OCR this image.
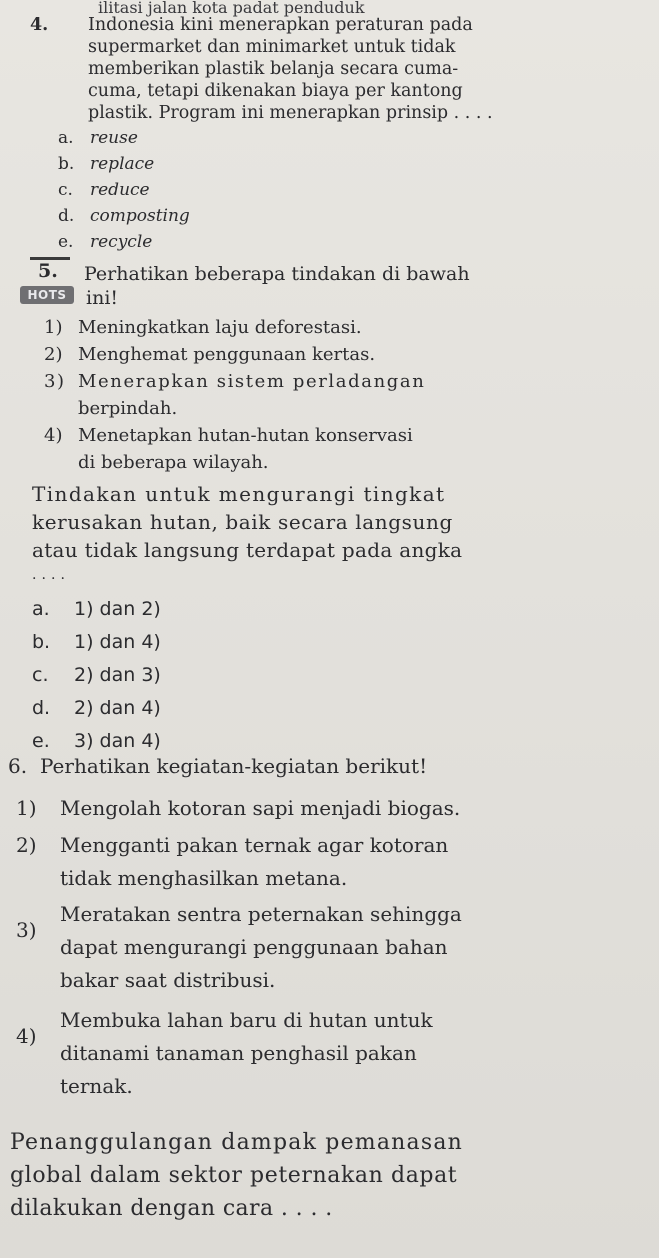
ilitasi jalan kota padat penduduk
4. Indonesia kini menerapkan peraturan pada
supermarket dan minimarket untuk tidak
memberikan plastik belanja secara cuma-
cuma, tetapi dikenakan biaya per kantong
plastik. Program ini menerapkan prinsip . . . .
a. reuse
b. replace
c. reduce
d. composting
e. recycle
5.
HOTS
Perhatikan beberapa tindakan di bawah
ini!
1) Meningkatkan laju deforestasi.
2) Menghemat penggunaan kertas.
3) Menerapkan sistem perladangan
berpindah.
4) Menetapkan hutan-hutan konservasi
di beberapa wilayah.
Tindakan untuk mengurangi tingkat
kerusakan hutan, baik secara langsung
atau tidak langsung terdapat pada angka
. . . .
a. 1) dan 2)
b. 1) dan 4)
c. 2) dan 3)
d. 2) dan 4)
e. 3) dan 4)
6. Perhatikan kegiatan-kegiatan berikut!
1) Mengolah kotoran sapi menjadi biogas.
2) Mengganti pakan ternak agar kotoran
tidak menghasilkan metana.
3)
Meratakan sentra peternakan sehingga
dapat mengurangi penggunaan bahan
bakar saat distribusi.
4)
Membuka lahan baru di hutan untuk
ditanami tanaman penghasil pakan
ternak.
Penanggulangan dampak pemanasan
global dalam sektor peternakan dapat
dilakukan dengan cara . . . .
